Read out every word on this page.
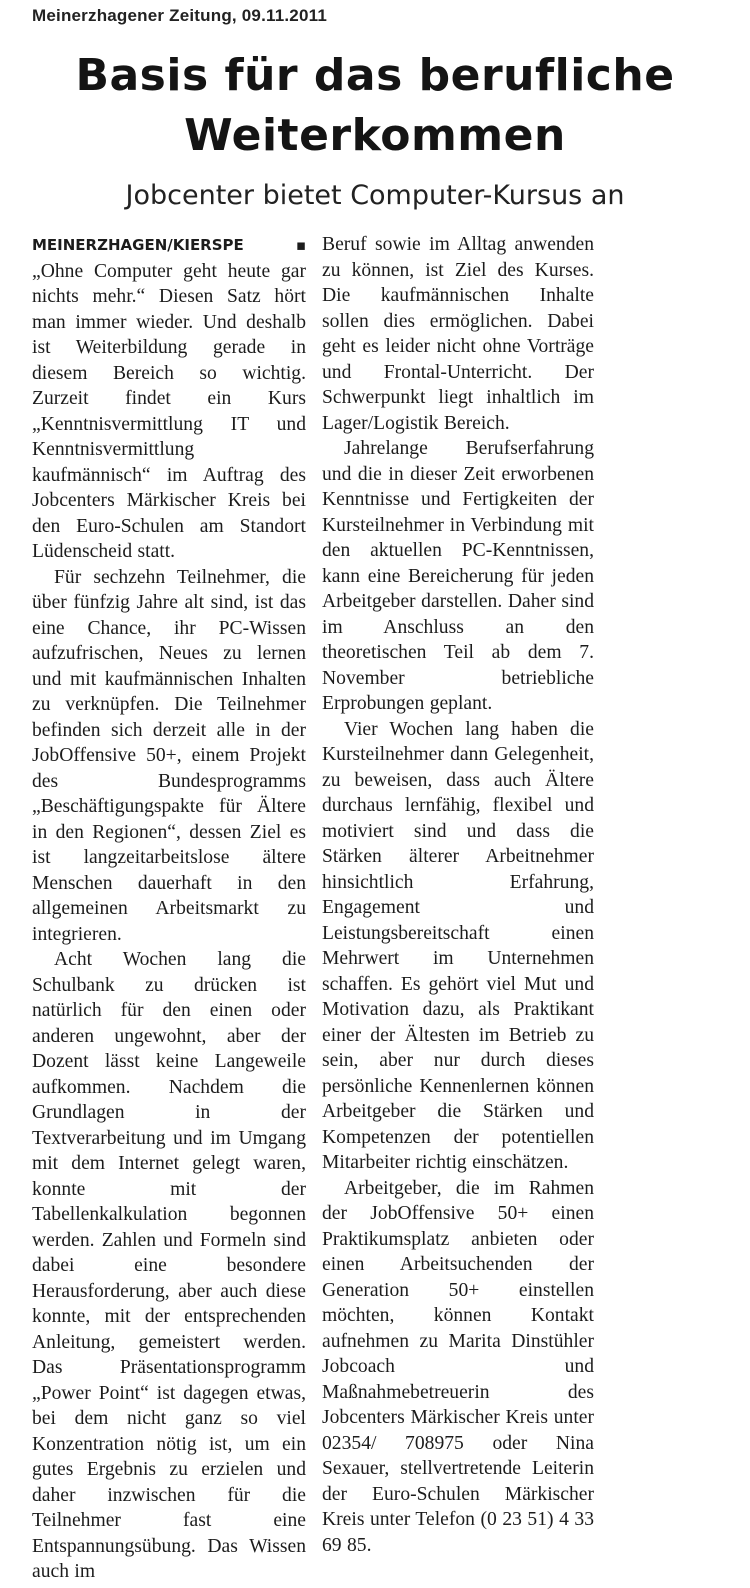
Meinerzhagener Zeitung, 09.11.2011
Basis für das berufliche
Weiterkommen
Jobcenter bietet Computer-Kursus an

MEINERZHAGEN/KIERSPE▪ „Ohne Computer geht heute gar nichts mehr.“ Diesen Satz hört man immer wieder. Und deshalb ist Weiterbildung gerade in diesem Bereich so wichtig. Zurzeit findet ein Kurs „Kenntnisvermittlung IT und Kenntnisvermittlung kaufmännisch“ im Auftrag des Jobcenters Märkischer Kreis bei den Euro-Schulen am Standort Lüdenscheid statt.

Für sechzehn Teilnehmer, die über fünfzig Jahre alt sind, ist das eine Chance, ihr PC-Wissen aufzufrischen, Neues zu lernen und mit kaufmännischen Inhalten zu verknüpfen. Die Teilnehmer befinden sich derzeit alle in der JobOffensive 50+, einem Projekt des Bundesprogramms „Beschäftigungspakte für Ältere in den Regionen“, dessen Ziel es ist langzeitarbeitslose ältere Menschen dauerhaft in den allgemeinen Arbeitsmarkt zu integrieren.

Acht Wochen lang die Schulbank zu drücken ist natürlich für den einen oder anderen ungewohnt, aber der Dozent lässt keine Langeweile aufkommen. Nachdem die Grundlagen in der Textverarbeitung und im Umgang mit dem Internet gelegt waren, konnte mit der Tabellenkalkulation begonnen werden. Zahlen und Formeln sind dabei eine besondere Herausforderung, aber auch diese konnte, mit der entsprechenden Anleitung, gemeistert werden. Das Präsentationsprogramm „Power Point“ ist dagegen etwas, bei dem nicht ganz so viel Konzentration nötig ist, um ein gutes Ergebnis zu erzielen und daher inzwischen für die Teilnehmer fast eine Entspannungsübung. Das Wissen auch im

Beruf sowie im Alltag anwenden zu können, ist Ziel des Kurses. Die kaufmännischen Inhalte sollen dies ermöglichen. Dabei geht es leider nicht ohne Vorträge und Frontal-Unterricht. Der Schwerpunkt liegt inhaltlich im Lager/Logistik Bereich.

Jahrelange Berufserfahrung und die in dieser Zeit erworbenen Kenntnisse und Fertigkeiten der Kursteilnehmer in Verbindung mit den aktuellen PC-Kenntnissen, kann eine Bereicherung für jeden Arbeitgeber darstellen. Daher sind im Anschluss an den theoretischen Teil ab dem 7. November betriebliche Erprobungen geplant.

Vier Wochen lang haben die Kursteilnehmer dann Gelegenheit, zu beweisen, dass auch Ältere durchaus lernfähig, flexibel und motiviert sind und dass die Stärken älterer Arbeitnehmer hinsichtlich Erfahrung, Engagement und Leistungsbereitschaft einen Mehrwert im Unternehmen schaffen. Es gehört viel Mut und Motivation dazu, als Praktikant einer der Ältesten im Betrieb zu sein, aber nur durch dieses persönliche Kennenlernen können Arbeitgeber die Stärken und Kompetenzen der potentiellen Mitarbeiter richtig einschätzen.

Arbeitgeber, die im Rahmen der JobOffensive 50+ einen Praktikumsplatz anbieten oder einen Arbeitsuchenden der Generation 50+ einstellen möchten, können Kontakt aufnehmen zu Marita Dinstühler Jobcoach und Maßnahmebetreuerin des Jobcenters Märkischer Kreis unter 02354/ 708975 oder Nina Sexauer, stellvertretende Leiterin der Euro-Schulen Märkischer Kreis unter Telefon (0 23 51) 4 33 69 85.
